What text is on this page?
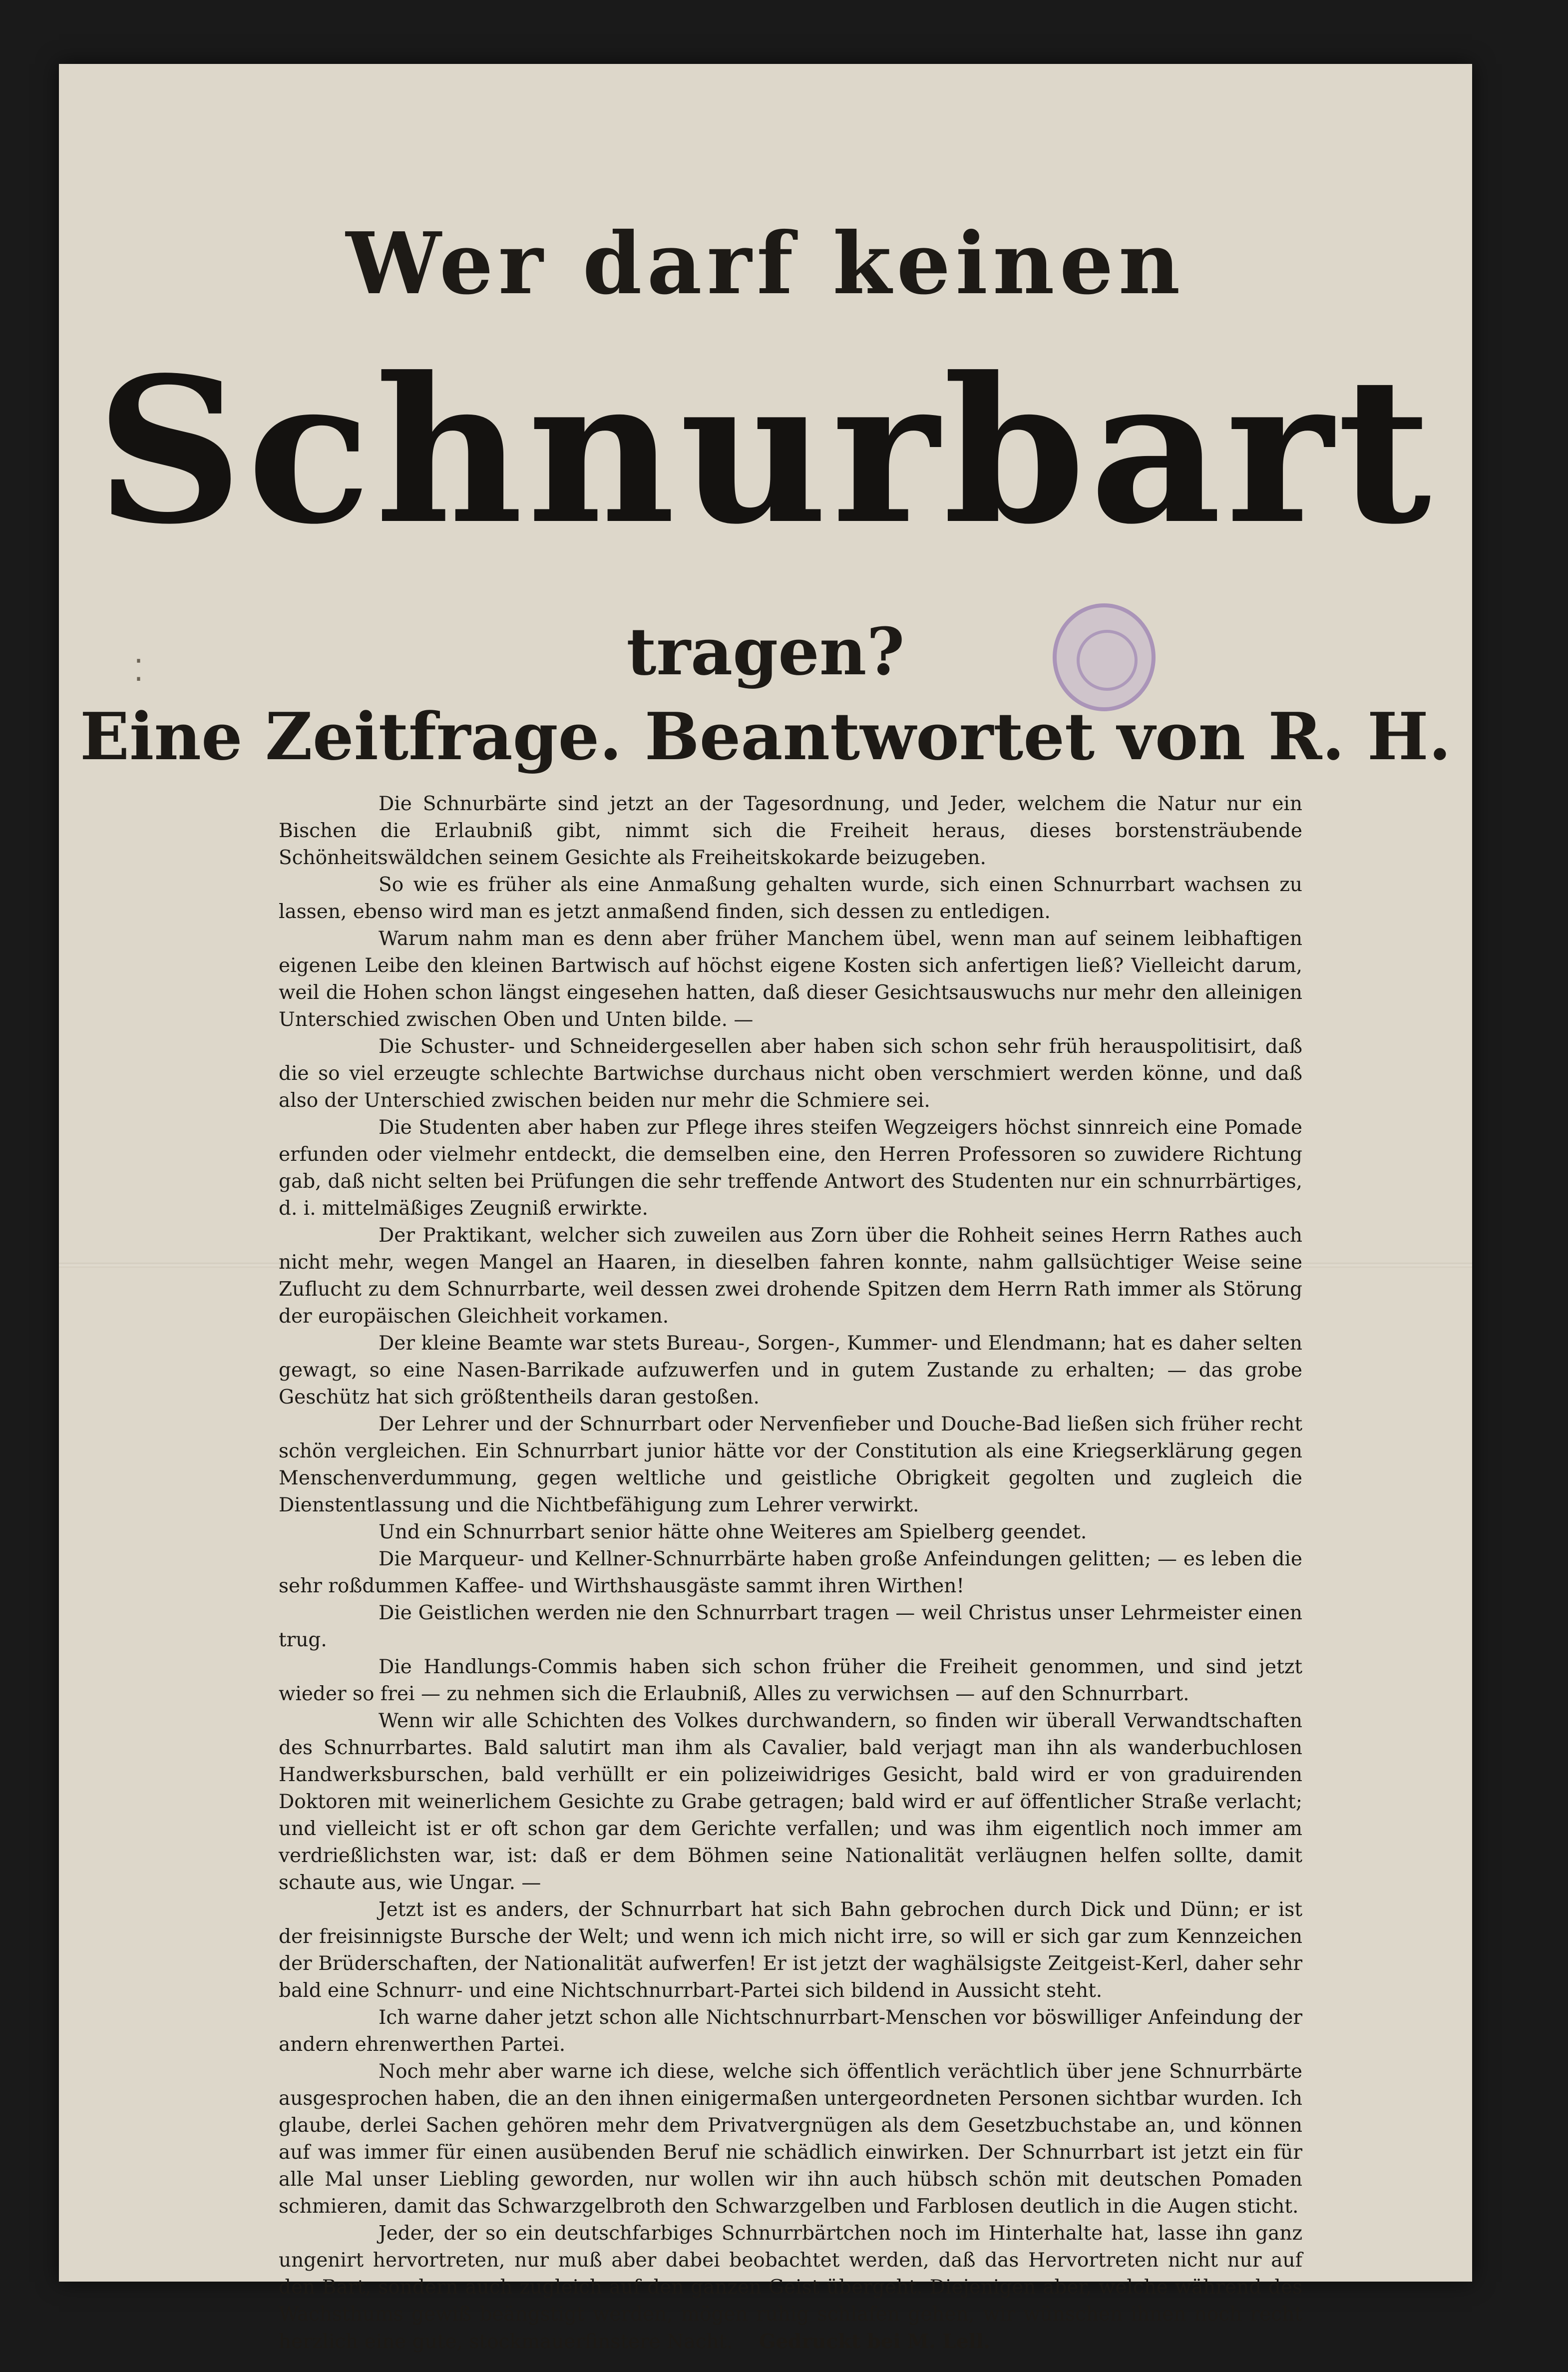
⁚
Wer darf keinen
Schnurbart
tragen?
Eine Zeitfrage. Beantwortet von R. H.

Die Schnurbärte sind jetzt an der Tagesordnung, und Jeder, welchem die Natur nur ein Bischen die Erlaubniß gibt, nimmt sich die Freiheit heraus, dieses borstensträubende Schönheitswäldchen seinem Gesichte als Freiheitskokarde beizugeben.

So wie es früher als eine Anmaßung gehalten wurde, sich einen Schnurrbart wachsen zu lassen, ebenso wird man es jetzt anmaßend finden, sich dessen zu entledigen.

Warum nahm man es denn aber früher Manchem übel, wenn man auf seinem leibhaftigen eigenen Leibe den kleinen Bartwisch auf höchst eigene Kosten sich anfertigen ließ? Vielleicht darum, weil die Hohen schon längst eingesehen hatten, daß dieser Gesichtsauswuchs nur mehr den alleinigen Unterschied zwischen Oben und Unten bilde. —

Die Schuster- und Schneidergesellen aber haben sich schon sehr früh herauspolitisirt, daß die so viel erzeugte schlechte Bartwichse durchaus nicht oben verschmiert werden könne, und daß also der Unterschied zwischen beiden nur mehr die Schmiere sei.

Die Studenten aber haben zur Pflege ihres steifen Wegzeigers höchst sinnreich eine Pomade erfunden oder vielmehr entdeckt, die demselben eine, den Herren Professoren so zuwidere Richtung gab, daß nicht selten bei Prüfungen die sehr treffende Antwort des Studenten nur ein schnurrbärtiges, d. i. mittelmäßiges Zeugniß erwirkte.

Der Praktikant, welcher sich zuweilen aus Zorn über die Rohheit seines Herrn Rathes auch nicht mehr, wegen Mangel an Haaren, in dieselben fahren konnte, nahm gallsüchtiger Weise seine Zuflucht zu dem Schnurrbarte, weil dessen zwei drohende Spitzen dem Herrn Rath immer als Störung der europäischen Gleichheit vorkamen.

Der kleine Beamte war stets Bureau-, Sorgen-, Kummer- und Elendmann; hat es daher selten gewagt, so eine Nasen-Barrikade aufzuwerfen und in gutem Zustande zu erhalten; — das grobe Geschütz hat sich größtentheils daran gestoßen.

Der Lehrer und der Schnurrbart oder Nervenfieber und Douche-Bad ließen sich früher recht schön vergleichen. Ein Schnurrbart junior hätte vor der Constitution als eine Kriegserklärung gegen Menschenverdummung, gegen weltliche und geistliche Obrigkeit gegolten und zugleich die Dienstentlassung und die Nichtbefähigung zum Lehrer verwirkt.

Und ein Schnurrbart senior hätte ohne Weiteres am Spielberg geendet.

Die Marqueur- und Kellner-Schnurrbärte haben große Anfeindungen gelitten; — es leben die sehr roßdummen Kaffee- und Wirthshausgäste sammt ihren Wirthen!

Die Geistlichen werden nie den Schnurrbart tragen — weil Christus unser Lehrmeister einen trug.

Die Handlungs-Commis haben sich schon früher die Freiheit genommen, und sind jetzt wieder so frei — zu nehmen sich die Erlaubniß, Alles zu verwichsen — auf den Schnurrbart.

Wenn wir alle Schichten des Volkes durchwandern, so finden wir überall Verwandtschaften des Schnurrbartes. Bald salutirt man ihm als Cavalier, bald verjagt man ihn als wanderbuchlosen Handwerksburschen, bald verhüllt er ein polizeiwidriges Gesicht, bald wird er von graduirenden Doktoren mit weinerlichem Gesichte zu Grabe getragen; bald wird er auf öffentlicher Straße verlacht; und vielleicht ist er oft schon gar dem Gerichte verfallen; und was ihm eigentlich noch immer am verdrießlichsten war, ist: daß er dem Böhmen seine Nationalität verläugnen helfen sollte, damit schaute aus, wie Ungar. —

Jetzt ist es anders, der Schnurrbart hat sich Bahn gebrochen durch Dick und Dünn; er ist der freisinnigste Bursche der Welt; und wenn ich mich nicht irre, so will er sich gar zum Kennzeichen der Brüderschaften, der Nationalität aufwerfen! Er ist jetzt der waghälsigste Zeitgeist-Kerl, daher sehr bald eine Schnurr- und eine Nichtschnurrbart-Partei sich bildend in Aussicht steht.

Ich warne daher jetzt schon alle Nichtschnurrbart-Menschen vor böswilliger Anfeindung der andern ehrenwerthen Partei.

Noch mehr aber warne ich diese, welche sich öffentlich verächtlich über jene Schnurrbärte ausgesprochen haben, die an den ihnen einigermaßen untergeordneten Personen sichtbar wurden. Ich glaube, derlei Sachen gehören mehr dem Privatvergnügen als dem Gesetzbuchstabe an, und können auf was immer für einen ausübenden Beruf nie schädlich einwirken. Der Schnurrbart ist jetzt ein für alle Mal unser Liebling geworden, nur wollen wir ihn auch hübsch schön mit deutschen Pomaden schmieren, damit das Schwarzgelbroth den Schwarzgelben und Farblosen deutlich in die Augen sticht.

Jeder, der so ein deutschfarbiges Schnurrbärtchen noch im Hinterhalte hat, lasse ihn ganz ungenirt hervortreten, nur muß aber dabei beobachtet werden, daß das Hervortreten nicht nur auf den Bart, sondern auch zugleich auf den ganzen Geist übergeht. Diejenigen aber, welche während des Wachsthums gewiß beängstigt werden, mögen ruhig schlafen gehen, wir wünschen ihnen noch recht herzlich eine gute, stockmauerfinstere Nacht. Gedruckt bei M. Lell.
